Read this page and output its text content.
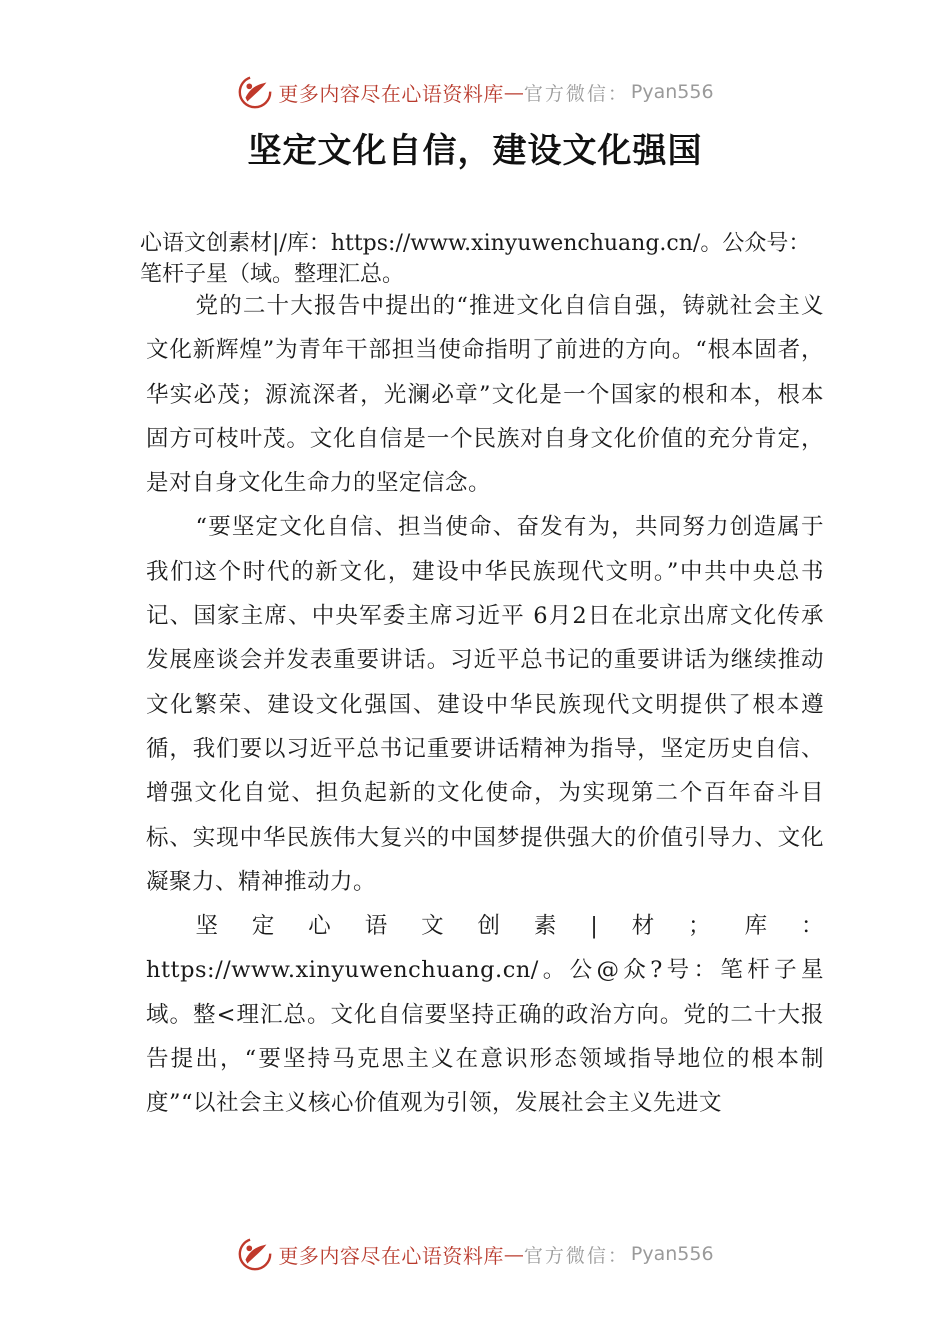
更多内容尽在心语资料库 — 官方微信： Pyan556
坚定文化自信，建设文化强国

心语文创素材|/库：https://www.xinyuwenchuang.cn/。公众号：笔杆子星（域。整理汇总。

党的二十大报告中提出的“推进文化自信自强，铸就社会主义文化新辉煌”为青年干部担当使命指明了前进的方向。“根本固者，华实必茂；源流深者，光澜必章”文化是一个国家的根和本，根本固方可枝叶茂。文化自信是一个民族对自身文化价值的充分肯定，是对自身文化生命力的坚定信念。

“要坚定文化自信、担当使命、奋发有为，共同努力创造属于我们这个时代的新文化，建设中华民族现代文明。”中共中央总书记、国家主席、中央军委主席习近平 6月2日在北京出席文化传承发展座谈会并发表重要讲话。习近平总书记的重要讲话为继续推动文化繁荣、建设文化强国、建设中华民族现代文明提供了根本遵循，我们要以习近平总书记重要讲话精神为指导，坚定历史自信、增强文化自觉、担负起新的文化使命，为实现第二个百年奋斗目标、实现中华民族伟大复兴的中国梦提供强大的价值引导力、文化凝聚力、精神推动力。

坚定心语文创素|材；库：https://www.xinyuwenchuang.cn/。公@众?号：笔杆子星域。整<理汇总。文化自信要坚持正确的政治方向。党的二十大报告提出，“要坚持马克思主义在意识形态领域指导地位的根本制度”“以社会主义核心价值观为引领，发展社会主义先进文

更多内容尽在心语资料库 — 官方微信： Pyan556
